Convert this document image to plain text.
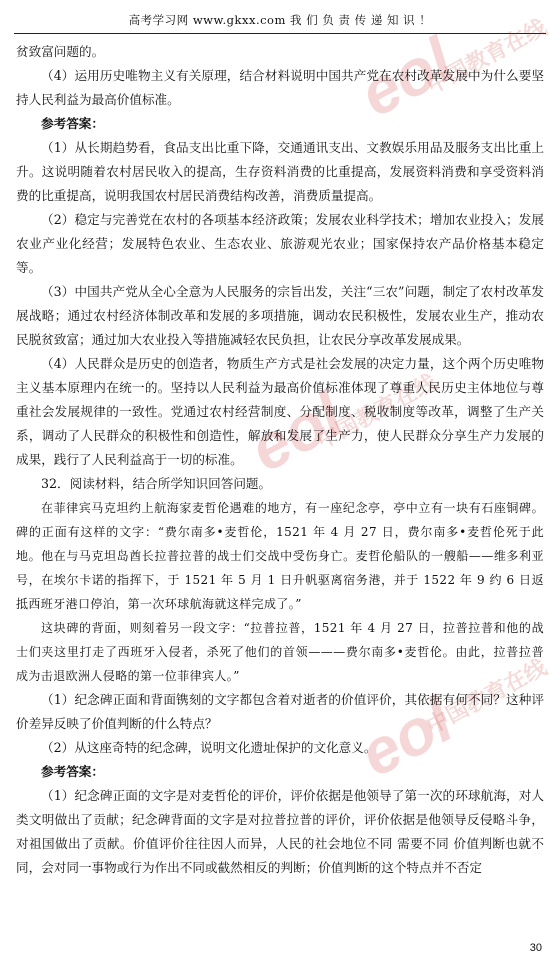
高考学习网 www.gkxx.com 我 们 负 责 传 递 知 识 ！
eol
中国教育在线
eol
中国教育在线
eol
中国教育在线

贫致富问题的。

（4）运用历史唯物主义有关原理，结合材料说明中国共产党在农村改革发展中为什么要坚持人民利益为最高价值标准。

参考答案：

（1）从长期趋势看，食品支出比重下降，交通通讯支出、文教娱乐用品及服务支出比重上升。这说明随着农村居民收入的提高，生存资料消费的比重提高，发展资料消费和享受资料消费的比重提高，说明我国农村居民消费结构改善，消费质量提高。

（2）稳定与完善党在农村的各项基本经济政策；发展农业科学技术；增加农业投入；发展农业产业化经营；发展特色农业、生态农业、旅游观光农业；国家保持农产品价格基本稳定等。

（3）中国共产党从全心全意为人民服务的宗旨出发，关注“三农”问题，制定了农村改革发展战略；通过农村经济体制改革和发展的多项措施，调动农民积极性，发展农业生产，推动农民脱贫致富；通过加大农业投入等措施减轻农民负担，让农民分享改革发展成果。

（4）人民群众是历史的创造者，物质生产方式是社会发展的决定力量，这个两个历史唯物主义基本原理内在统一的。坚持以人民利益为最高价值标准体现了尊重人民历史主体地位与尊重社会发展规律的一致性。党通过农村经营制度、分配制度、税收制度等改革，调整了生产关系，调动了人民群众的积极性和创造性，解放和发展了生产力，使人民群众分享生产力发展的成果，践行了人民利益高于一切的标准。

32．阅读材料，结合所学知识回答问题。

在菲律宾马克坦约上航海家麦哲伦遇难的地方，有一座纪念亭，亭中立有一块有石座铜碑。碑的正面有这样的文字：“费尔南多•麦哲伦，1521 年 4 月 27 日，费尔南多•麦哲伦死于此地。他在与马克坦岛酋长拉普拉普的战士们交战中受伤身亡。麦哲伦船队的一艘船——维多利亚号，在埃尔卡诺的指挥下，于 1521 年 5 月 1 日升帆驱离宿务港，并于 1522 年 9 约 6 日返抵西班牙港口停泊，第一次环球航海就这样完成了。”

这块碑的背面，则刻着另一段文字：“拉普拉普，1521 年 4 月 27 日，拉普拉普和他的战士们夹这里打走了西班牙入侵者，杀死了他们的首领———费尔南多•麦哲伦。由此，拉普拉普成为击退欧洲人侵略的第一位菲律宾人。”

（1）纪念碑正面和背面镌刻的文字都包含着对逝者的价值评价，其依据有何不同？这种评价差异反映了价值判断的什么特点？

（2）从这座奇特的纪念碑，说明文化遗址保护的文化意义。

参考答案：

（1）纪念碑正面的文字是对麦哲伦的评价，评价依据是他领导了第一次的环球航海，对人类文明做出了贡献；纪念碑背面的文字是对拉普拉普的评价，评价依据是他领导反侵略斗争，对祖国做出了贡献。价值评价往往因人而异，人民的社会地位不同 需要不同 价值判断也就不同，会对同一事物或行为作出不同或截然相反的判断；价值判断的这个特点并不否定

30
